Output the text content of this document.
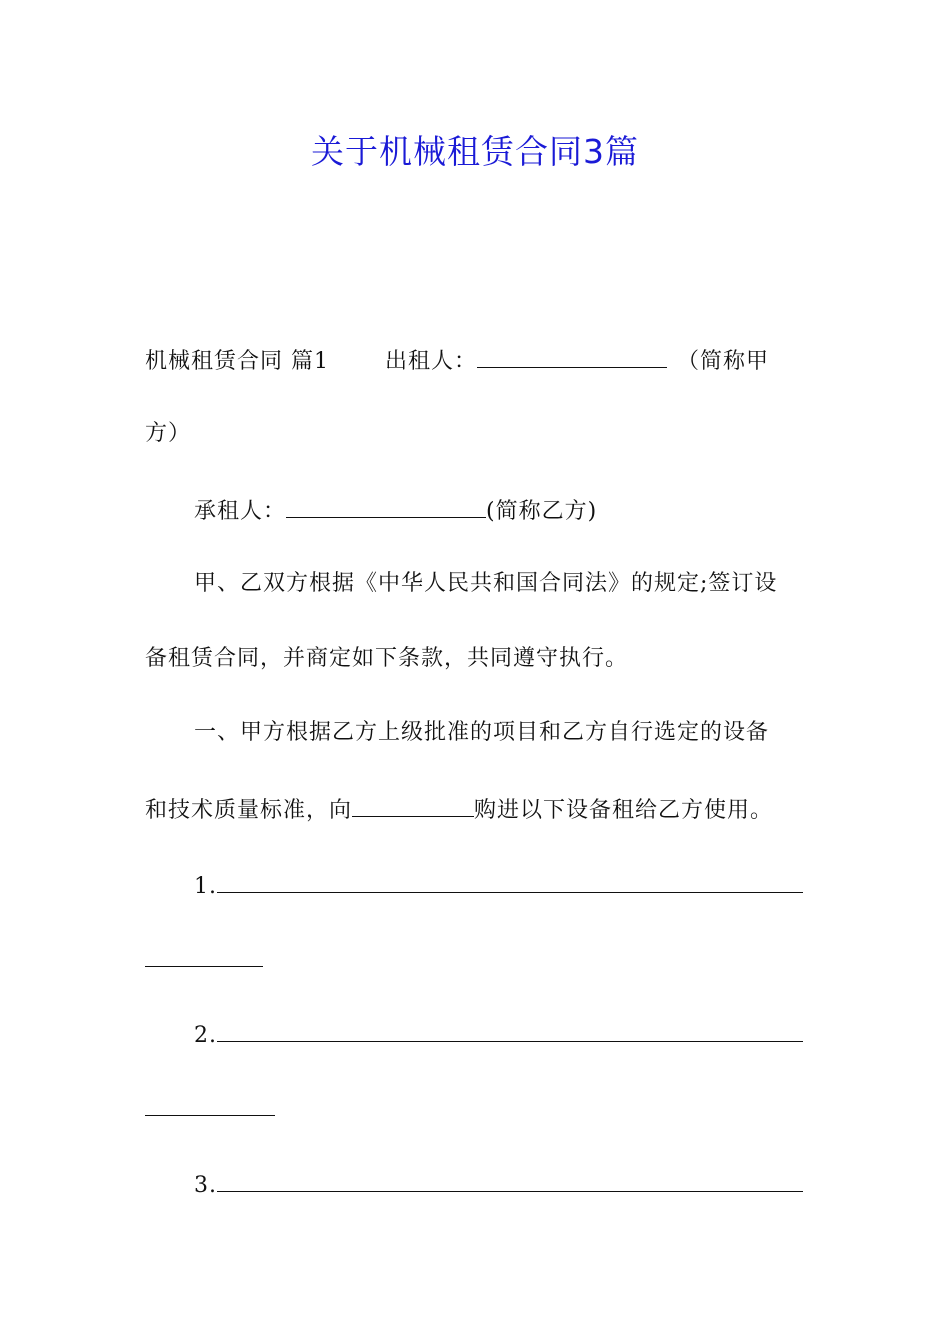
关于机械租赁合同3篇
机械租赁合同 篇1	出租人：	（简称甲
方）
承租人：	(简称乙方)
甲、乙双方根据《中华人民共和国合同法》的规定;签订设
备租赁合同，并商定如下条款，共同遵守执行。
一、甲方根据乙方上级批准的项目和乙方自行选定的设备
和技术质量标准，向	购进以下设备租给乙方使用。
1.
2.
3.
